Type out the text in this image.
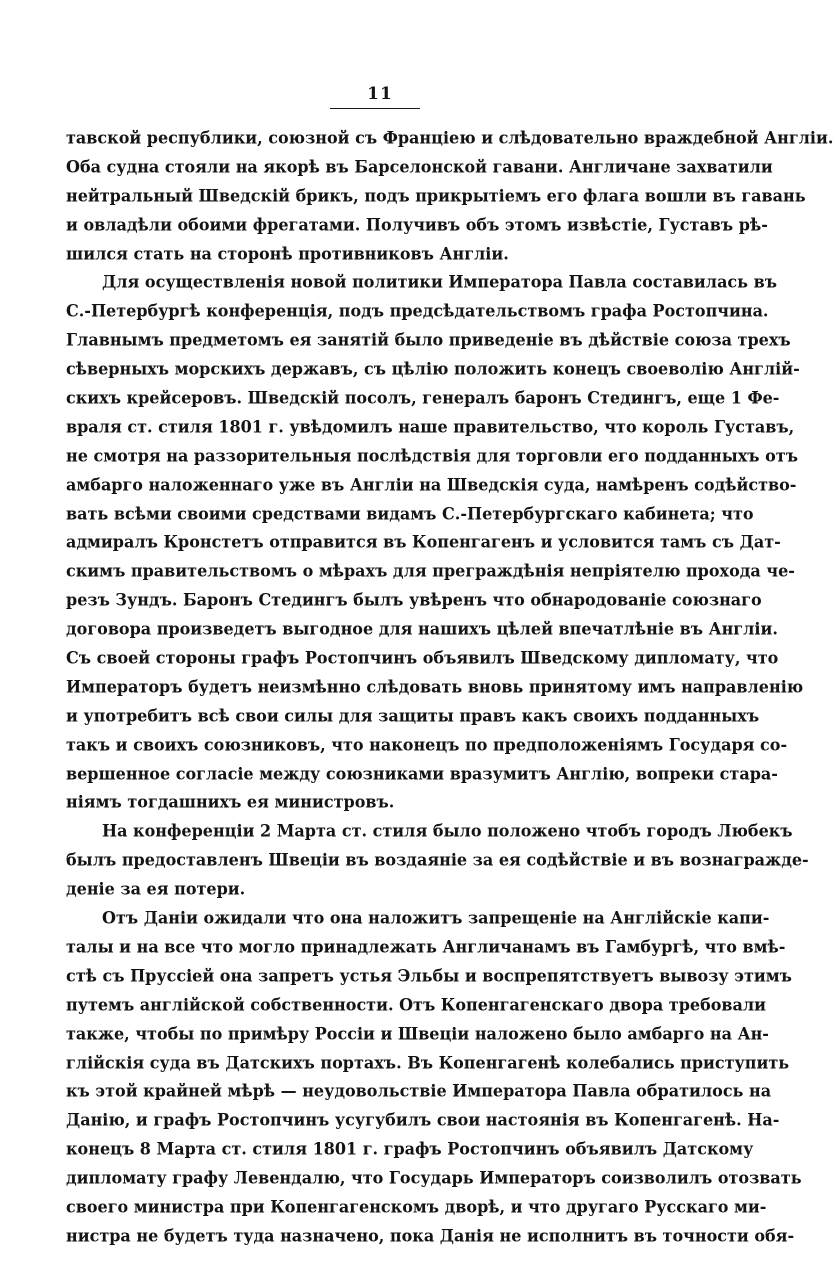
11
тавской республики, союзной съ Франціею и слѣдовательно враждебной Англіи.
Оба судна стояли на якорѣ въ Барселонской гавани. Англичане захватили
нейтральный Шведскій брикъ, подъ прикрытіемъ его флага вошли въ гавань
и овладѣли обоими фрегатами. Получивъ объ этомъ извѣстіе, Густавъ рѣ-
шился стать на сторонѣ противниковъ Англіи.
Для осуществленія новой политики Императора Павла составилась въ
С.-Петербургѣ конференція, подъ предсѣдательствомъ графа Ростопчина.
Главнымъ предметомъ ея занятій было приведеніе въ дѣйствіе союза трехъ
сѣверныхъ морскихъ державъ, съ цѣлію положить конецъ своеволію Англій-
скихъ крейсеровъ. Шведскій посолъ, генералъ баронъ Стедингъ, еще 1 Фе-
враля ст. стиля 1801 г. увѣдомилъ наше правительство, что король Густавъ,
не смотря на раззорительныя послѣдствія для торговли его подданныхъ отъ
амбарго наложеннаго уже въ Англіи на Шведскія суда, намѣренъ содѣйство-
вать всѣми своими средствами видамъ С.-Петербургскаго кабинета; что
адмиралъ Кронстетъ отправится въ Копенгагенъ и условится тамъ съ Дат-
скимъ правительствомъ о мѣрахъ для преграждѣнія непріятелю прохода че-
резъ Зундъ. Баронъ Стедингъ былъ увѣренъ что обнародованіе союзнаго
договора произведетъ выгодное для нашихъ цѣлей впечатлѣніе въ Англіи.
Съ своей стороны графъ Ростопчинъ объявилъ Шведскому дипломату, что
Императоръ будетъ неизмѣнно слѣдовать вновь принятому имъ направленію
и употребитъ всѣ свои силы для защиты правъ какъ своихъ подданныхъ
такъ и своихъ союзниковъ, что наконецъ по предположеніямъ Государя со-
вершенное согласіе между союзниками вразумитъ Англію, вопреки стара-
ніямъ тогдашнихъ ея министровъ.
На конференціи 2 Марта ст. стиля было положено чтобъ городъ Любекъ
былъ предоставленъ Швеціи въ воздаяніе за ея содѣйствіе и въ вознагражде-
деніе за ея потери.
Отъ Даніи ожидали что она наложитъ запрещеніе на Англійскіе капи-
талы и на все что могло принадлежать Англичанамъ въ Гамбургѣ, что вмѣ-
стѣ съ Пруссіей она запретъ устья Эльбы и воспрепятствуетъ вывозу этимъ
путемъ англійской собственности. Отъ Копенгагенскаго двора требовали
также, чтобы по примѣру Россіи и Швеціи наложено было амбарго на Ан-
глійскія суда въ Датскихъ портахъ. Въ Копенгагенѣ колебались приступить
къ этой крайней мѣрѣ — неудовольствіе Императора Павла обратилось на
Данію, и графъ Ростопчинъ усугубилъ свои настоянія въ Копенгагенѣ. На-
конецъ 8 Марта ст. стиля 1801 г. графъ Ростопчинъ объявилъ Датскому
дипломату графу Левендалю, что Государь Императоръ соизволилъ отозвать
своего министра при Копенгагенскомъ дворѣ, и что другаго Русскаго ми-
нистра не будетъ туда назначено, пока Данія не исполнитъ въ точности обя-
